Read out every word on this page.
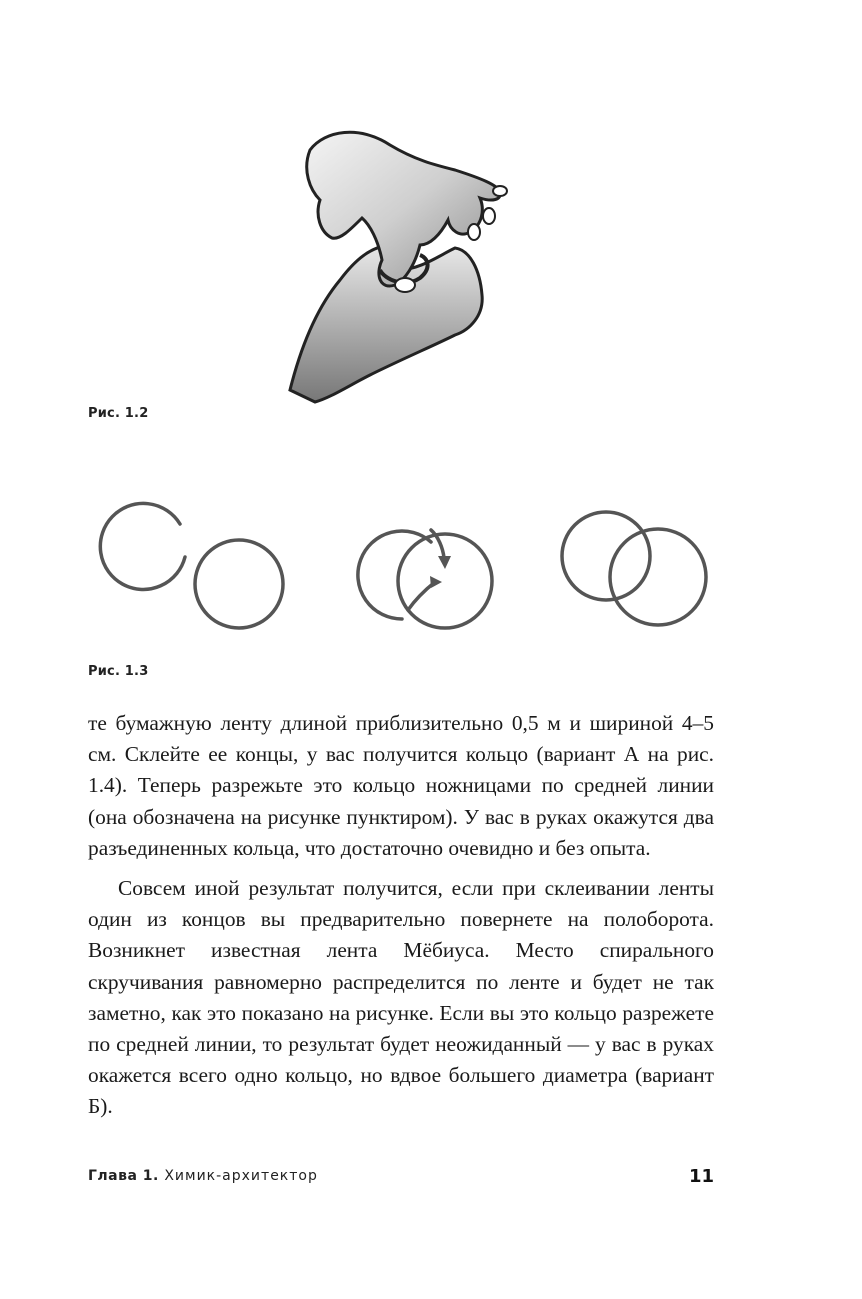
Рис. 1.2
Рис. 1.3

те бумажную ленту длиной приблизительно 0,5 м и шириной 4–5 см. Склейте ее концы, у вас получится кольцо (вариант А на рис. 1.4). Теперь разрежьте это кольцо ножницами по средней линии (она обозначена на рисунке пунктиром). У вас в руках окажутся два разъединенных кольца, что достаточно очевидно и без опыта.

Совсем иной результат получится, если при склеивании ленты один из концов вы предварительно повернете на полоборота. Возникнет известная лента Мёбиуса. Место спирального скручивания равномерно распределится по ленте и будет не так заметно, как это показано на рисунке. Если вы это кольцо разрежете по средней линии, то результат будет неожиданный — у вас в руках окажется всего одно кольцо, но вдвое большего диаметра (вариант Б).

Глава 1. Химик-архитектор	11
